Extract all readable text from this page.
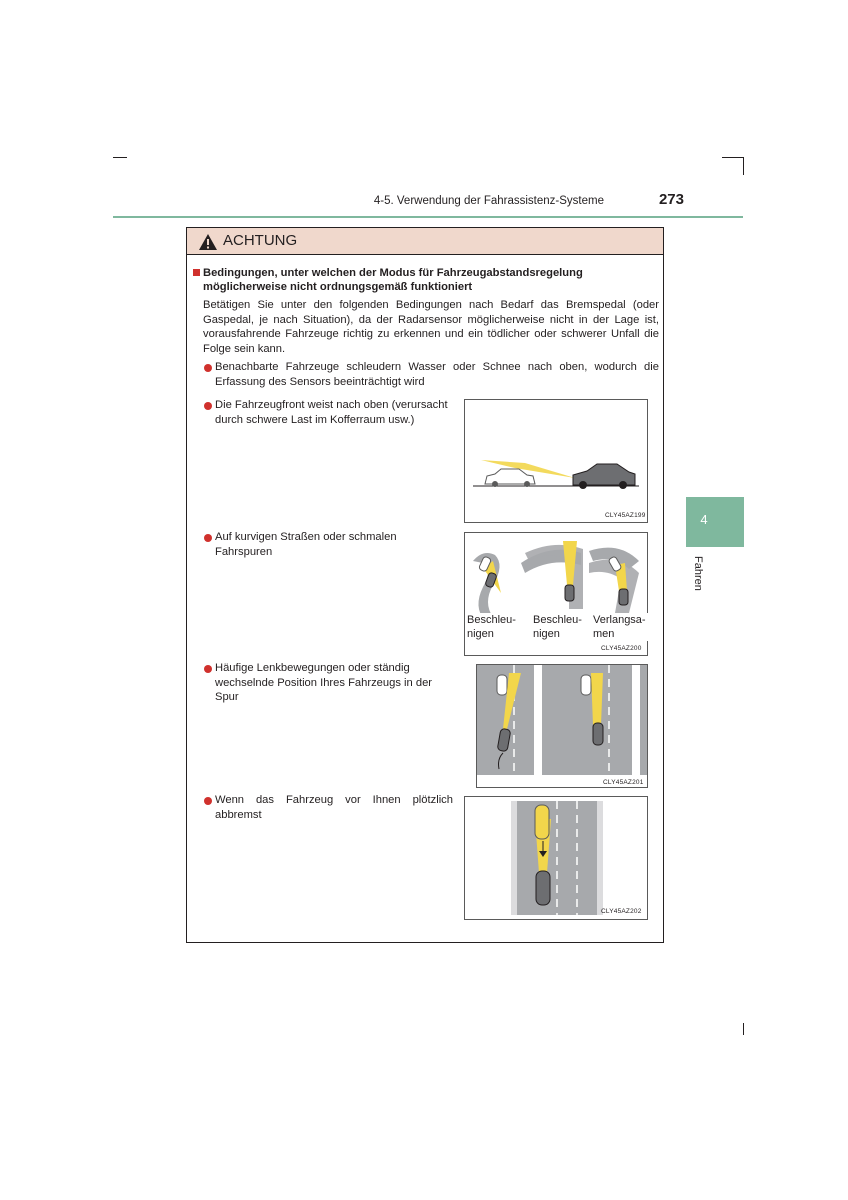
4-5. Verwendung der Fahrassistenz-Systeme	273
4
Fahren
ACHTUNG
Bedingungen, unter welchen der Modus für Fahrzeugabstandsregelung möglicherweise nicht ordnungsgemäß funktioniert
Betätigen Sie unter den folgenden Bedingungen nach Bedarf das Bremspedal (oder Gaspedal, je nach Situation), da der Radarsensor möglicherweise nicht in der Lage ist, vorausfahrende Fahrzeuge richtig zu erkennen und ein tödlicher oder schwerer Unfall die Folge sein kann.
Benachbarte Fahrzeuge schleudern Wasser oder Schnee nach oben, wodurch die Erfassung des Sensors beeinträchtigt wird
Die Fahrzeugfront weist nach oben (verursacht durch schwere Last im Kofferraum usw.)
CLY45AZ199
Auf kurvigen Straßen oder schmalen Fahrspuren
CLY45AZ200
Beschleu-
nigen
Beschleu-
nigen
Verlangsa-
men
Häufige Lenkbewegungen oder ständig wechselnde Position Ihres Fahrzeugs in der Spur
CLY45AZ201
Wenn das Fahrzeug vor Ihnen plötzlich abbremst
CLY45AZ202
